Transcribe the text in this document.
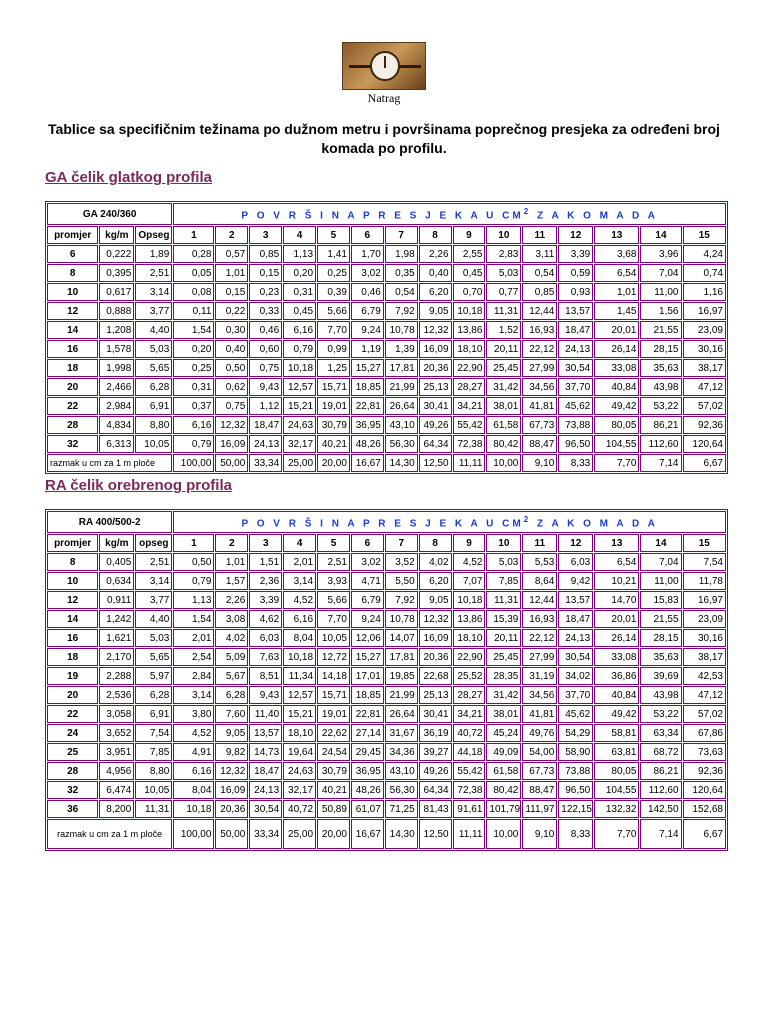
Natrag
Tablice sa specifičnim težinama po dužnom metru i površinama poprečnog presjeka za određeni broj komada po profilu.
GA čelik glatkog profila
GA 240/360			P O V R Š I N A P R E S J E K A U $CM^2$ Z A K O M A D A														
promjer	kg/m	Opseg	1	2	3	4	5	6	7	8	9	10	11	12	13	14	15
6	0,222	1,89	0,28	0,57	0,85	1,13	1,41	1,70	1,98	2,26	2,55	2,83	3,11	3,39	3,68	3,96	4,24
8	0,395	2,51	0,05	1,01	0,15	0,20	0,25	3,02	0,35	0,40	0,45	5,03	0,54	0,59	6,54	7,04	0,74
10	0,617	3,14	0,08	0,15	0,23	0,31	0,39	0,46	0,54	6,20	0,70	0,77	0,85	0,93	1,01	11,00	1,16
12	0,888	3,77	0,11	0,22	0,33	0,45	5,66	6,79	7,92	9,05	10,18	11,31	12,44	13,57	1,45	1,56	16,97
14	1,208	4,40	1,54	0,30	0,46	6,16	7,70	9,24	10,78	12,32	13,86	1,52	16,93	18,47	20,01	21,55	23,09
16	1,578	5,03	0,20	0,40	0,60	0,79	0,99	1,19	1,39	16,09	18,10	20,11	22,12	24,13	26,14	28,15	30,16
18	1,998	5,65	0,25	0,50	0,75	10,18	1,25	15,27	17,81	20,36	22,90	25,45	27,99	30,54	33,08	35,63	38,17
20	2,466	6,28	0,31	0,62	9,43	12,57	15,71	18,85	21,99	25,13	28,27	31,42	34,56	37,70	40,84	43,98	47,12
22	2,984	6,91	0,37	0,75	1,12	15,21	19,01	22,81	26,64	30,41	34,21	38,01	41,81	45,62	49,42	53,22	57,02
28	4,834	8,80	6,16	12,32	18,47	24,63	30,79	36,95	43,10	49,26	55,42	61,58	67,73	73,88	80,05	86,21	92,36
32	6,313	10,05	0,79	16,09	24,13	32,17	40,21	48,26	56,30	64,34	72,38	80,42	88,47	96,50	104,55	112,60	120,64
razmak u cm za 1 m ploče			100,00	50,00	33,34	25,00	20,00	16,67	14,30	12,50	11,11	10,00	9,10	8,33	7,70	7,14	6,67
RA čelik orebrenog profila
RA 400/500-2			P O V R Š I N A P R E S J E K A U $CM^2$ Z A K O M A D A														
promjer	kg/m	opseg	1	2	3	4	5	6	7	8	9	10	11	12	13	14	15
8	0,405	2,51	0,50	1,01	1,51	2,01	2,51	3,02	3,52	4,02	4,52	5,03	5,53	6,03	6,54	7,04	7,54
10	0,634	3,14	0,79	1,57	2,36	3,14	3,93	4,71	5,50	6,20	7,07	7,85	8,64	9,42	10,21	11,00	11,78
12	0,911	3,77	1,13	2,26	3,39	4,52	5,66	6,79	7,92	9,05	10,18	11,31	12,44	13,57	14,70	15,83	16,97
14	1,242	4,40	1,54	3,08	4,62	6,16	7,70	9,24	10,78	12,32	13,86	15,39	16,93	18,47	20,01	21,55	23,09
16	1,621	5,03	2,01	4,02	6,03	8,04	10,05	12,06	14,07	16,09	18,10	20,11	22,12	24,13	26,14	28,15	30,16
18	2,170	5,65	2,54	5,09	7,63	10,18	12,72	15,27	17,81	20,36	22,90	25,45	27,99	30,54	33,08	35,63	38,17
19	2,288	5,97	2,84	5,67	8,51	11,34	14,18	17,01	19,85	22,68	25,52	28,35	31,19	34,02	36,86	39,69	42,53
20	2,536	6,28	3,14	6,28	9,43	12,57	15,71	18,85	21,99	25,13	28,27	31,42	34,56	37,70	40,84	43,98	47,12
22	3,058	6,91	3,80	7,60	11,40	15,21	19,01	22,81	26,64	30,41	34,21	38,01	41,81	45,62	49,42	53,22	57,02
24	3,652	7,54	4,52	9,05	13,57	18,10	22,62	27,14	31,67	36,19	40,72	45,24	49,76	54,29	58,81	63,34	67,86
25	3,951	7,85	4,91	9,82	14,73	19,64	24,54	29,45	34,36	39,27	44,18	49,09	54,00	58,90	63,81	68,72	73,63
28	4,956	8,80	6,16	12,32	18,47	24,63	30,79	36,95	43,10	49,26	55,42	61,58	67,73	73,88	80,05	86,21	92,36
32	6,474	10,05	8,04	16,09	24,13	32,17	40,21	48,26	56,30	64,34	72,38	80,42	88,47	96,50	104,55	112,60	120,64
36	8,200	11,31	10,18	20,36	30,54	40,72	50,89	61,07	71,25	81,43	91,61	101,79	111,97	122,15	132,32	142,50	152,68
razmak u cm za 1 m ploče			100,00	50,00	33,34	25,00	20,00	16,67	14,30	12,50	11,11	10,00	9,10	8,33	7,70	7,14	6,67
